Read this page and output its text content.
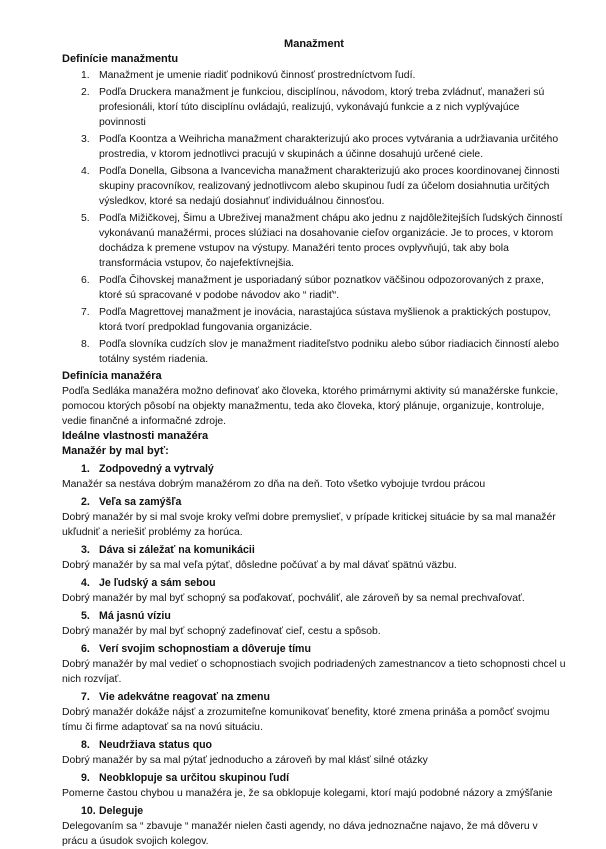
Manažment
Definície manažmentu
1. Manažment je umenie riadiť podnikovú činnosť prostredníctvom ľudí.
2. Podľa Druckera manažment je funkciou, disciplínou, návodom, ktorý treba zvládnuť, manažeri sú profesionáli, ktorí túto disciplínu ovládajú, realizujú, vykonávajú funkcie a z nich vyplývajúce povinnosti
3. Podľa Koontza a Weihricha manažment charakterizujú ako proces vytvárania a udržiavania určitého prostredia, v ktorom jednotlivci pracujú v skupinách a účinne dosahujú určené ciele.
4. Podľa Donella, Gibsona a Ivancevicha manažment charakterizujú ako proces koordinovanej činnosti skupiny pracovníkov, realizovaný jednotlivcom alebo skupinou ľudí za účelom dosiahnutia určitých výsledkov, ktoré sa nedajú dosiahnuť individuálnou činnosťou.
5. Podľa Mižičkovej, Šimu a Ubreživej manažment chápu ako jednu z najdôležitejších ľudských činností vykonávanú manažérmi, proces slúžiaci na dosahovanie cieľov organizácie. Je to proces, v ktorom dochádza k premene vstupov na výstupy. Manažéri tento proces ovplyvňujú, tak aby bola transformácia vstupov, čo najefektívnejšia.
6. Podľa Čihovskej manažment je usporiadaný súbor poznatkov väčšinou odpozorovaných z praxe, ktoré sú spracované v podobe návodov ako “ riadiť“.
7. Podľa Magrettovej manažment je inovácia, narastajúca sústava myšlienok a praktických postupov, ktorá tvorí predpoklad fungovania organizácie.
8. Podľa slovníka cudzích slov je manažment riaditeľstvo podniku alebo súbor riadiacich činností alebo totálny systém riadenia.
Definícia manažéra
Podľa Sedláka manažéra možno definovať ako človeka, ktorého primárnymi aktivity sú manažérske funkcie, pomocou ktorých pôsobí na objekty manažmentu, teda ako človeka, ktorý plánuje, organizuje, kontroluje, vedie finančné a informačné zdroje.
Ideálne vlastnosti manažéra
Manažér by mal byť:
1. Zodpovedný a vytrvalý
Manažér sa nestáva dobrým manažérom zo dňa na deň. Toto všetko vybojuje tvrdou prácou
2. Veľa sa zamýšľa
Dobrý manažér by si mal svoje kroky veľmi dobre premyslieť, v prípade kritickej situácie by sa mal manažér ukľudniť a neriešiť problémy za horúca.
3. Dáva si záležať na komunikácii
Dobrý manažér by sa mal veľa pýtať, dôsledne počúvať a by mal dávať spätnú väzbu.
4. Je ľudský a sám sebou
Dobrý manažér by mal byť schopný sa poďakovať, pochváliť, ale zároveň by sa nemal prechvaľovať.
5. Má jasnú víziu
Dobrý manažér by mal byť schopný zadefinovať cieľ, cestu a spôsob.
6. Verí svojim schopnostiam a dôveruje tímu
Dobrý manažér by mal vedieť o schopnostiach svojich podriadených zamestnancov a tieto schopnosti chcel u nich rozvíjať.
7. Vie adekvátne reagovať na zmenu
Dobrý manažér dokáže nájsť a zrozumiteľne komunikovať benefity, ktoré zmena prináša a pomôcť svojmu tímu či firme adaptovať sa na novú situáciu.
8. Neudržiava status quo
Dobrý manažér by sa mal pýtať jednoducho a zároveň by mal klásť silné otázky
9. Neobklopuje sa určitou skupinou ľudí
Pomerne častou chybou u manažéra je, že sa obklopuje kolegami, ktorí majú podobné názory a zmýšľanie
10. Deleguje
Delegovaním sa “ zbavuje “ manažér nielen časti agendy, no dáva jednoznačne najavo, že má dôveru v prácu a úsudok svojich kolegov.
